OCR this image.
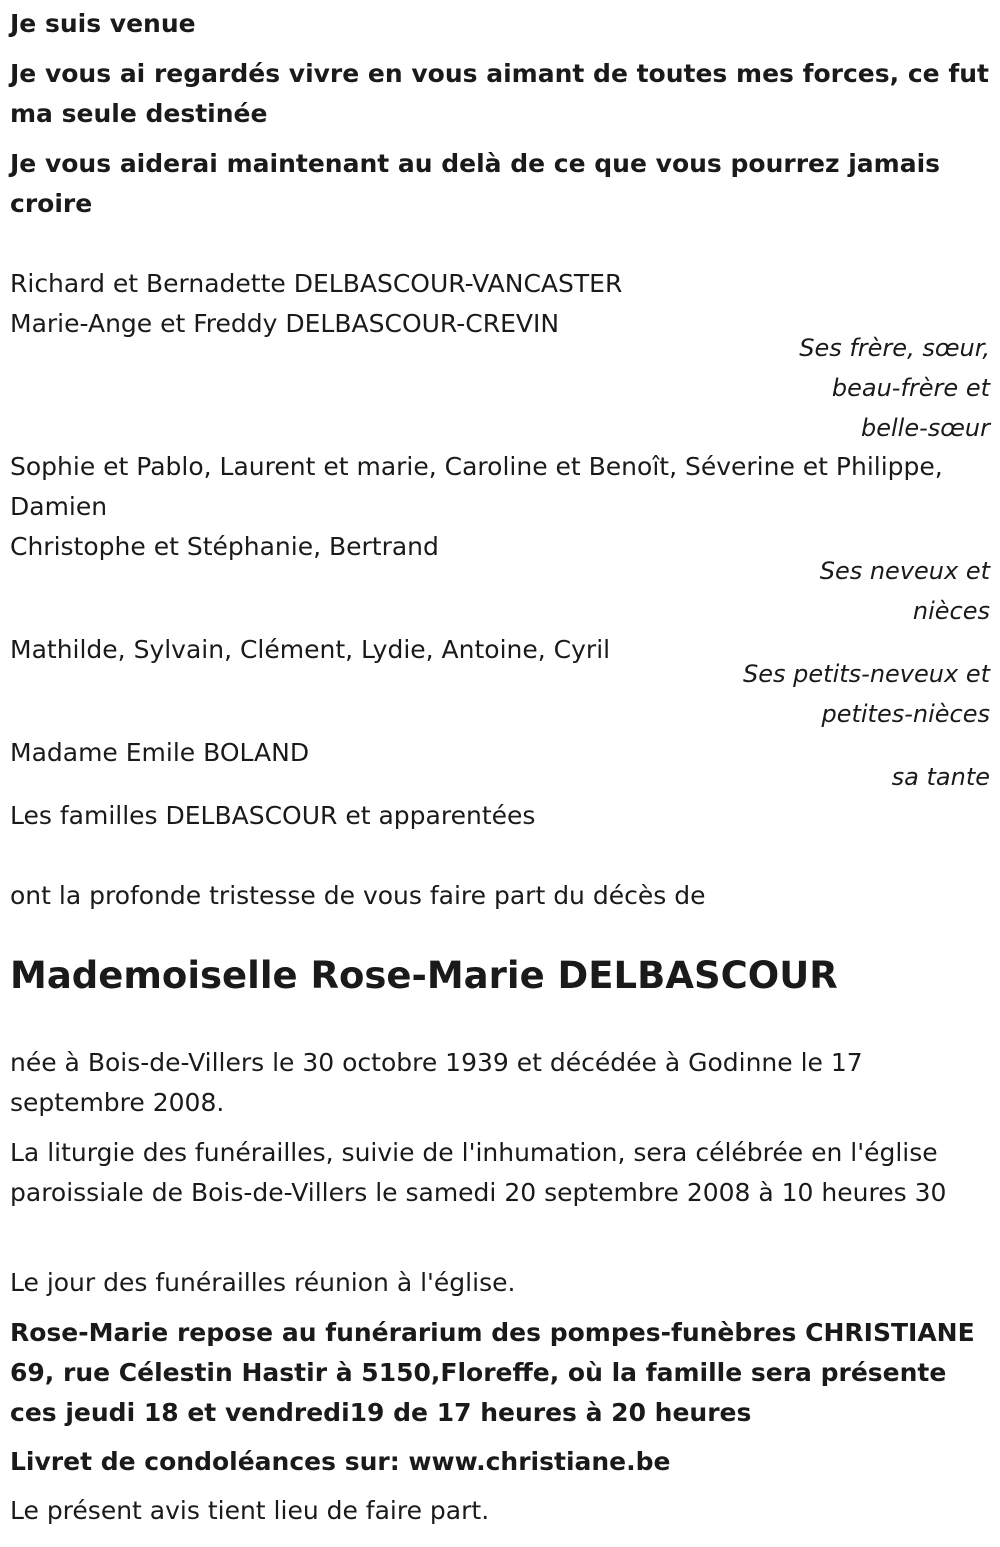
Je suis venue

Je vous ai regardés vivre en vous aimant de toutes mes forces, ce fut ma seule destinée

Je vous aiderai maintenant au delà de ce que vous pourrez jamais croire

Richard et Bernadette DELBASCOUR-VANCASTER

Marie-Ange et Freddy DELBASCOUR-CREVIN

Ses frère, sœur,
beau-frère et
belle-sœur

Sophie et Pablo, Laurent et marie, Caroline et Benoît, Séverine et Philippe, Damien

Christophe et Stéphanie, Bertrand

Ses neveux et
nièces

Mathilde, Sylvain, Clément, Lydie, Antoine, Cyril

Ses petits-neveux et
petites-nièces

Madame Emile BOLAND

sa tante

Les familles DELBASCOUR et apparentées

ont la profonde tristesse de vous faire part du décès de

Mademoiselle Rose-Marie DELBASCOUR

née à Bois-de-Villers le 30 octobre 1939 et décédée à Godinne le 17 septembre 2008.

La liturgie des funérailles, suivie de l'inhumation, sera célébrée en l'église paroissiale de Bois-de-Villers le samedi 20 septembre 2008 à 10 heures 30

Le jour des funérailles réunion à l'église.

Rose-Marie repose au funérarium des pompes-funèbres CHRISTIANE 69, rue Célestin Hastir à 5150,Floreffe, où la famille sera présente ces jeudi 18 et vendredi19 de 17 heures à 20 heures

Livret de condoléances sur: www.christiane.be

Le présent avis tient lieu de faire part.
